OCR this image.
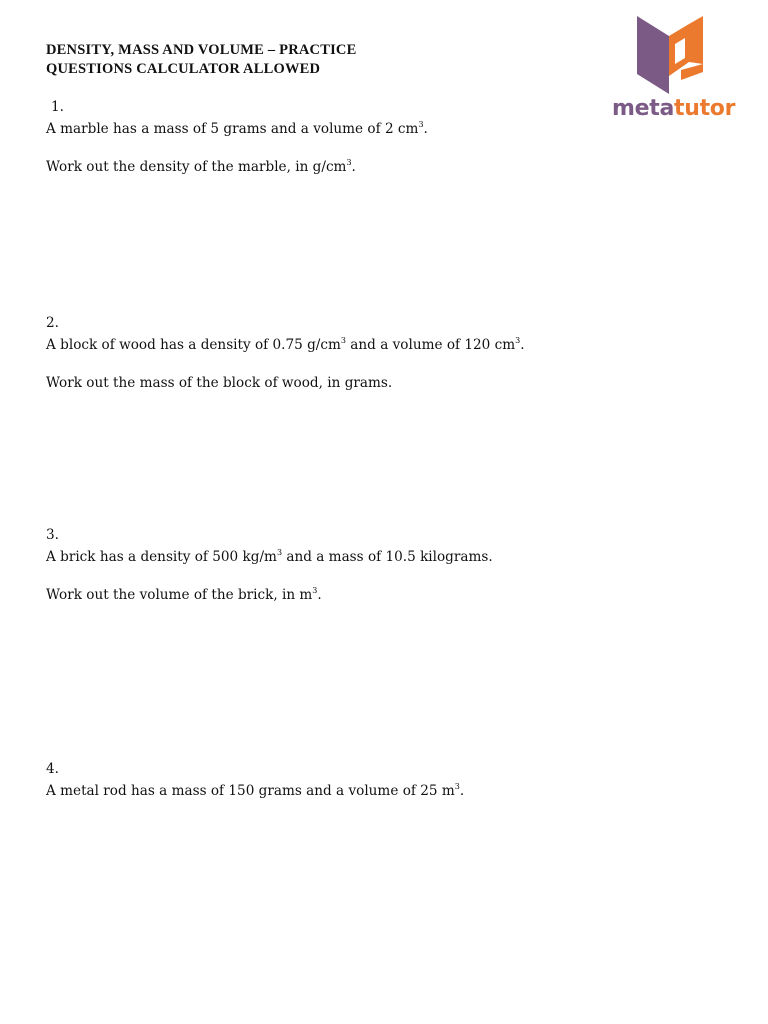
DENSITY, MASS AND VOLUME – PRACTICE
QUESTIONS CALCULATOR ALLOWED
metatutor
1.
A marble has a mass of 5 grams and a volume of 2 $cm^3$.
Work out the density of the marble, in $g/cm^3$.
2.
A block of wood has a density of 0.75 $g/cm^3$ and a volume of 120 $cm^3$.
Work out the mass of the block of wood, in grams.
3.
A brick has a density of 500 $kg/m^3$ and a mass of 10.5 kilograms.
Work out the volume of the brick, in $m^3$.
4.
A metal rod has a mass of 150 grams and a volume of 25 $m^3$.
